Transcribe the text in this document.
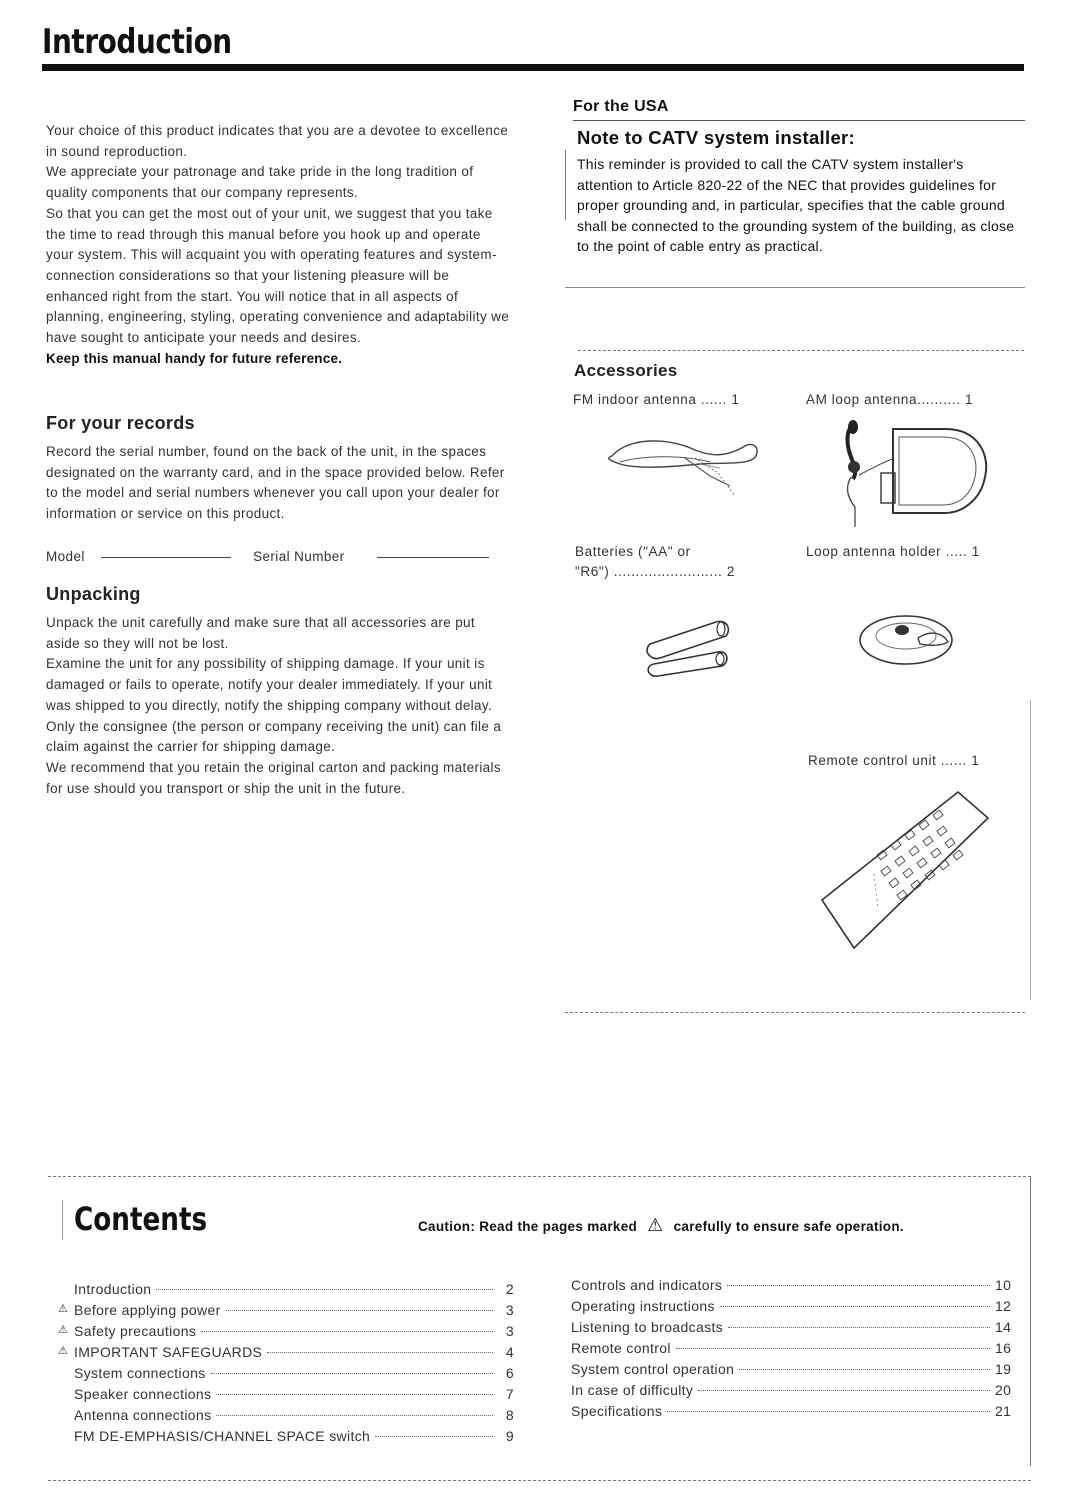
Introduction

Your choice of this product indicates that you are a devotee to excellence in sound reproduction.

We appreciate your patronage and take pride in the long tradition of quality components that our company represents.

So that you can get the most out of your unit, we suggest that you take the time to read through this manual before you hook up and operate your system. This will acquaint you with operating features and system-connection considerations so that your listening pleasure will be enhanced right from the start. You will notice that in all aspects of planning, engineering, styling, operating convenience and adaptability we have sought to anticipate your needs and desires.

Keep this manual handy for future reference.

For your records

Record the serial number, found on the back of the unit, in the spaces designated on the warranty card, and in the space provided below. Refer to the model and serial numbers whenever you call upon your dealer for information or service on this product.

Model	Serial Number
Unpacking

Unpack the unit carefully and make sure that all accessories are put aside so they will not be lost.

Examine the unit for any possibility of shipping damage. If your unit is damaged or fails to operate, notify your dealer immediately. If your unit was shipped to you directly, notify the shipping company without delay. Only the consignee (the person or company receiving the unit) can file a claim against the carrier for shipping damage.

We recommend that you retain the original carton and packing materials for use should you transport or ship the unit in the future.

For the USA
Note to CATV system installer:
This reminder is provided to call the CATV system installer's attention to Article 820-22 of the NEC that provides guidelines for proper grounding and, in particular, specifies that the cable ground shall be connected to the grounding system of the building, as close to the point of cable entry as practical.
Accessories
FM indoor antenna ...... 1	AM loop antenna.......... 1
Batteries ("AA" or
"R6") ......................... 2
Loop antenna holder ..... 1
Remote control unit ...... 1
Contents	Caution: Read the pages marked ⚠ carefully to ensure safe operation.
Introduction	2
⚠ Before applying power	3
⚠ Safety precautions	3
⚠ IMPORTANT SAFEGUARDS	4
System connections	6
Speaker connections	7
Antenna connections	8
FM DE-EMPHASIS/CHANNEL SPACE switch	9
Controls and indicators	10
Operating instructions	12
Listening to broadcasts	14
Remote control	16
System control operation	19
In case of difficulty	20
Specifications	21
